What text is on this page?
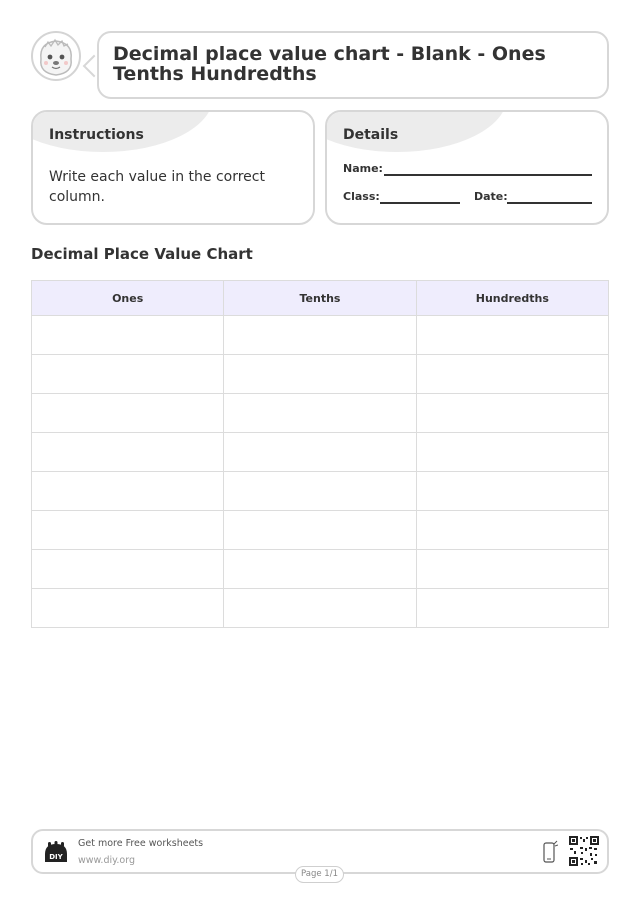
Decimal place value chart - Blank - Ones Tenths Hundredths
Instructions
Write each value in the correct column.
Details
Name:
Class:	Date:
Decimal Place Value Chart
Ones	Tenths	Hundredths

DIY
Get more Free worksheets
www.diy.org
Page 1/1
